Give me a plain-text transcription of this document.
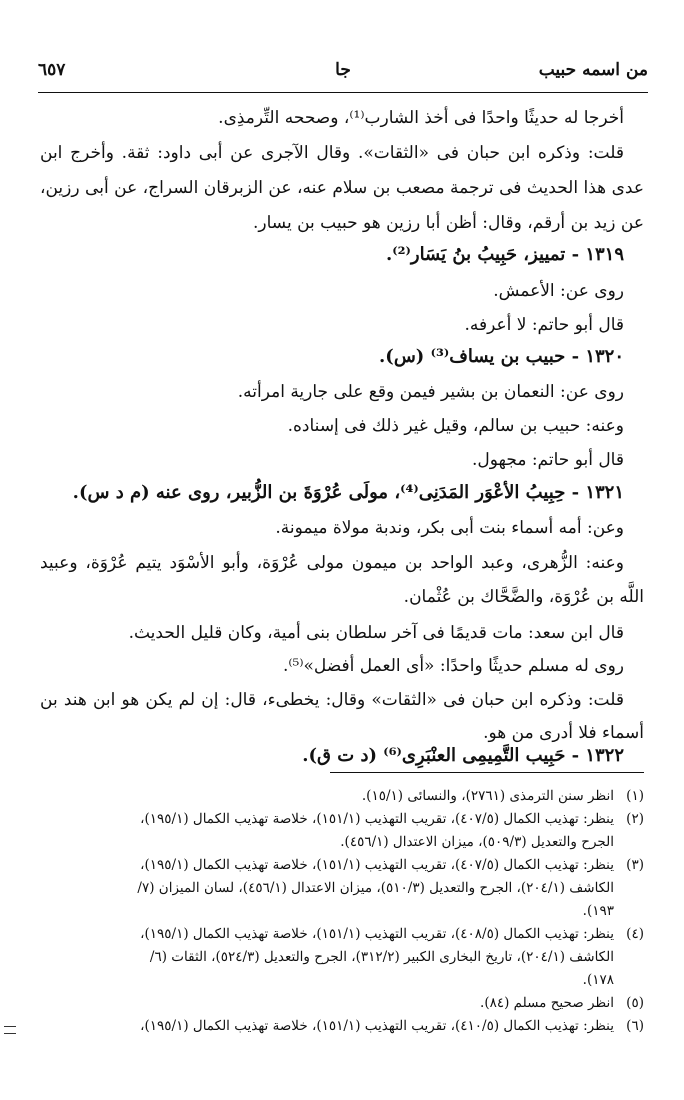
من اسمه حبيب
جا
٦٥٧
أخرجا له حديثًا واحدًا فى أخذ الشارب⁽¹⁾، وصححه التِّرمذِى.
قلت: وذكره ابن حبان فى «الثقات». وقال الآجرى عن أبى داود: ثقة. وأخرج ابن
عدى هذا الحديث فى ترجمة مصعب بن سلام عنه، عن الزبرقان السراج، عن أبى رزين،
عن زيد بن أرقم، وقال: أظن أبا رزين هو حبيب بن يسار.
١٣١٩ - تمييز، حَبِيبُ بنُ يَسَار⁽²⁾.
روى عن: الأعمش.
قال أبو حاتم: لا أعرفه.
١٣٢٠ - حبيب بن يساف⁽³⁾ (س).
روى عن: النعمان بن بشير فيمن وقع على جارية امرأته.
وعنه: حبيب بن سالم، وقيل غير ذلك فى إسناده.
قال أبو حاتم: مجهول.
١٣٢١ - حِبِيبُ الأعْوَر المَدَنِى⁽⁴⁾، مولَى عُرْوَةَ بن الزُّبير، روى عنه (م د س).
وعن: أمه أسماء بنت أبى بكر، وندبة مولاة ميمونة.
وعنه: الزُّهرى، وعبد الواحد بن ميمون مولى عُرْوَة، وأبو الأسْوَد يتيم عُرْوَة، وعبيد
اللَّه بن عُرْوَة، والضَّحَّاك بن عُثْمان.
قال ابن سعد: مات قديمًا فى آخر سلطان بنى أمية، وكان قليل الحديث.
روى له مسلم حديثًا واحدًا: «أى العمل أفضل»⁽⁵⁾.
قلت: وذكره ابن حبان فى «الثقات» وقال: يخطىء، قال: إن لم يكن هو ابن هند بن
أسماء فلا أدرى من هو.
١٣٢٢ - حَبِيب التَّمِيمِى العنْبَرِى⁽⁶⁾ (د ت ق).
(١)
انظر سنن الترمذى (٢٧٦١)، والنسائى (١٥/١).
(٢)
ينظر: تهذيب الكمال (٤٠٧/٥)، تقريب التهذيب (١٥١/١)، خلاصة تهذيب الكمال (١٩٥/١)،
الجرح والتعديل (٥٠٩/٣)، ميزان الاعتدال (٤٥٦/١).
(٣)
ينظر: تهذيب الكمال (٤٠٧/٥)، تقريب التهذيب (١٥١/١)، خلاصة تهذيب الكمال (١٩٥/١)،
الكاشف (٢٠٤/١)، الجرح والتعديل (٥١٠/٣)، ميزان الاعتدال (٤٥٦/١)، لسان الميزان (٧/
١٩٣).
(٤)
ينظر: تهذيب الكمال (٤٠٨/٥)، تقريب التهذيب (١٥١/١)، خلاصة تهذيب الكمال (١٩٥/١)،
الكاشف (٢٠٤/١)، تاريخ البخارى الكبير (٣١٢/٢)، الجرح والتعديل (٥٢٤/٣)، الثقات (٦/
١٧٨).
(٥)
انظر صحيح مسلم (٨٤).
(٦)
ينظر: تهذيب الكمال (٤١٠/٥)، تقريب التهذيب (١٥١/١)، خلاصة تهذيب الكمال (١٩٥/١)،
